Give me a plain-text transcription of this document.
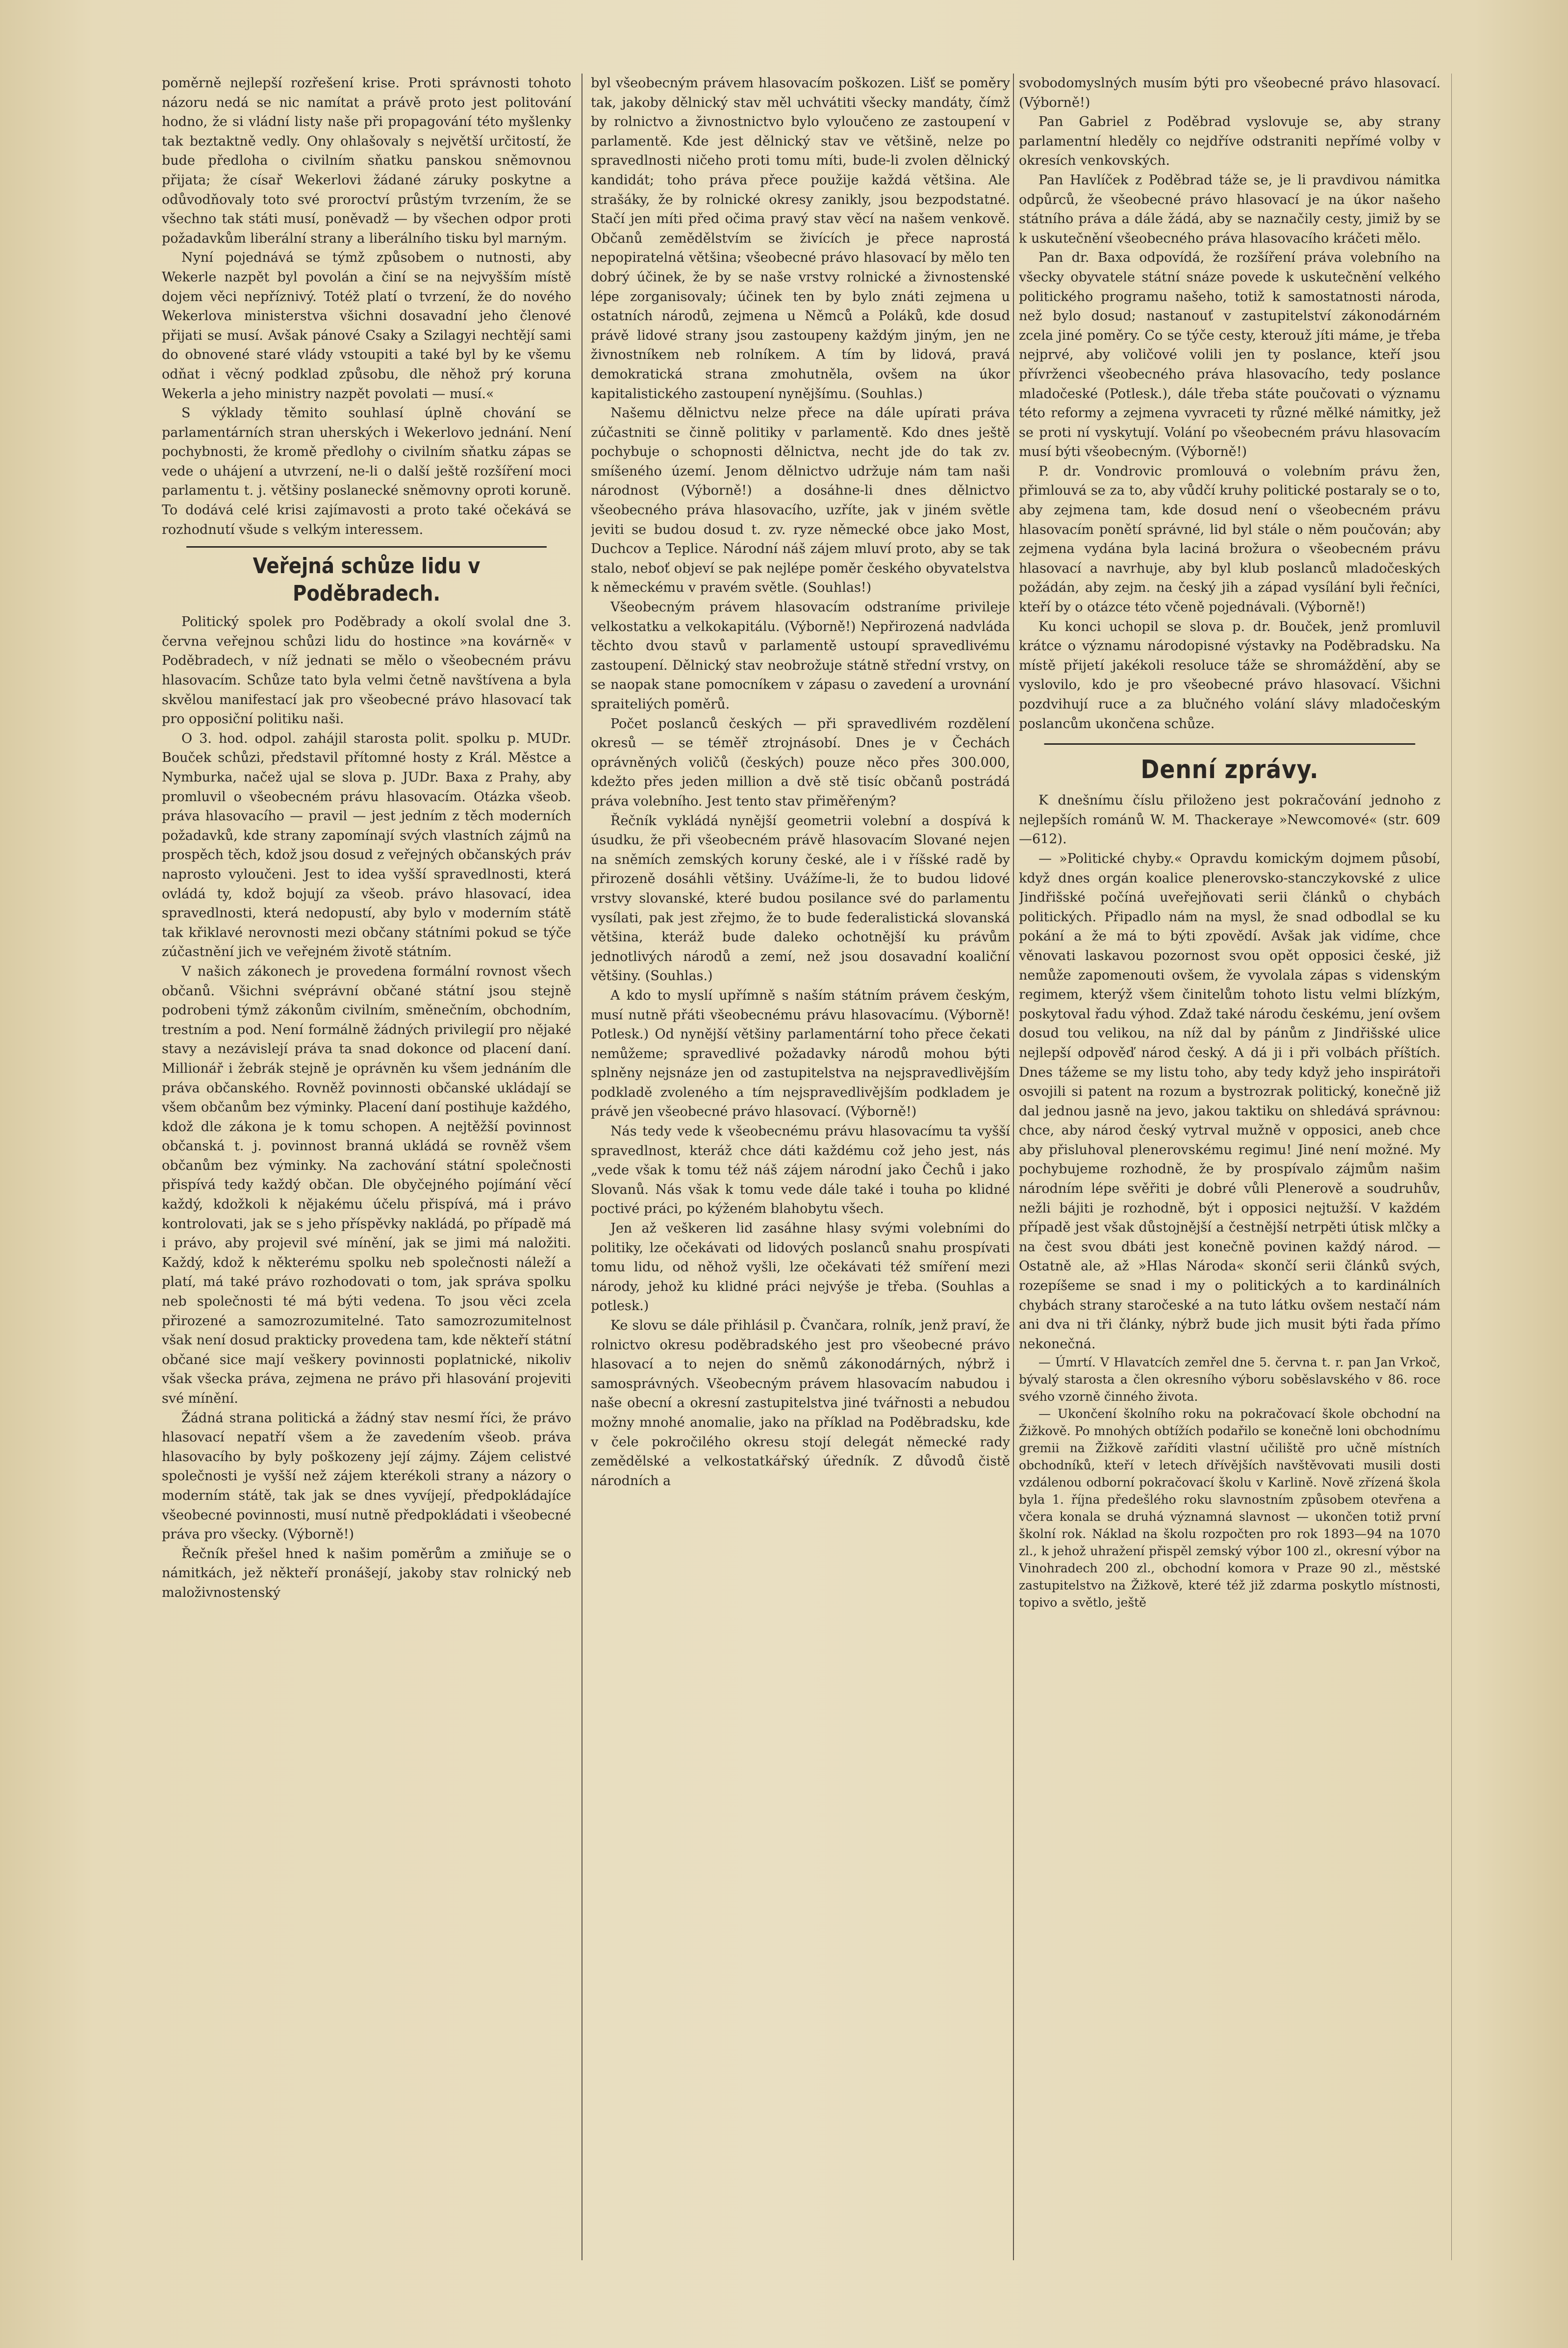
poměrně nejlepší rozřešení krise. Proti správnosti tohoto názoru nedá se nic namítat a právě proto jest politování hodno, že si vládní listy naše při propagování této myšlenky tak beztaktně vedly. Ony ohlašovaly s největší určitostí, že bude předloha o civilním sňatku panskou sněmovnou přijata; že císař Wekerlovi žádané záruky poskytne a odůvodňovaly toto své proroctví průstým tvrzením, že se všechno tak státi musí, poněvadž — by všechen odpor proti požadavkům liberální strany a liberálního tisku byl marným.

Nyní pojednává se týmž způsobem o nutnosti, aby Wekerle nazpět byl povolán a činí se na nejvyšším místě dojem věci nepříznivý. Totéž platí o tvrzení, že do nového Wekerlova ministerstva všichni dosavadní jeho členové přijati se musí. Avšak pánové Csaky a Szilagyi nechtějí sami do obnovené staré vlády vstoupiti a také byl by ke všemu odňat i věcný podklad způsobu, dle něhož prý koruna Wekerla a jeho ministry nazpět povolati — musí.«

S výklady těmito souhlasí úplně chování se parlamentárních stran uherských i Wekerlovo jednání. Není pochybnosti, že kromě předlohy o civilním sňatku zápas se vede o uhájení a utvrzení, ne-li o další ještě rozšíření moci parlamentu t. j. většiny poslanecké sněmovny oproti koruně. To dodává celé krisi zajímavosti a proto také očekává se rozhodnutí všude s velkým interessem.

Veřejná schůze lidu v Poděbradech.

Politický spolek pro Poděbrady a okolí svolal dne 3. června veřejnou schůzi lidu do hostince »na kovárně« v Poděbradech, v níž jednati se mělo o všeobecném právu hlasovacím. Schůze tato byla velmi četně navštívena a byla skvělou manifestací jak pro všeobecné právo hlasovací tak pro opposiční politiku naši.

O 3. hod. odpol. zahájil starosta polit. spolku p. MUDr. Bouček schůzi, představil přítomné hosty z Král. Městce a Nymburka, načež ujal se slova p. JUDr. Baxa z Prahy, aby promluvil o všeobecném právu hlasovacím. Otázka všeob. práva hlasovacího — pravil — jest jedním z těch moderních požadavků, kde strany zapomínají svých vlastních zájmů na prospěch těch, kdož jsou dosud z veřejných občanských práv naprosto vyloučeni. Jest to idea vyšší spravedlnosti, která ovládá ty, kdož bojují za všeob. právo hlasovací, idea spravedlnosti, která nedopustí, aby bylo v moderním státě tak křiklavé nerovnosti mezi občany státními pokud se týče zúčastnění jich ve veřejném životě státním.

V našich zákonech je provedena formální rovnost všech občanů. Všichni svéprávní občané státní jsou stejně podrobeni týmž zákonům civilním, směnečním, obchodním, trestním a pod. Není formálně žádných privilegií pro nějaké stavy a nezávislejí práva ta snad dokonce od placení daní. Millionář i žebrák stejně je oprávněn ku všem jednáním dle práva občanského. Rovněž povinnosti občanské ukládají se všem občanům bez výminky. Placení daní postihuje každého, kdož dle zákona je k tomu schopen. A nejtěžší povinnost občanská t. j. povinnost branná ukládá se rovněž všem občanům bez výminky. Na zachování státní společnosti přispívá tedy každý občan. Dle obyčejného pojímání věcí každý, kdožkoli k nějakému účelu přispívá, má i právo kontrolovati, jak se s jeho příspěvky nakládá, po případě má i právo, aby projevil své mínění, jak se jimi má naložiti. Každý, kdož k některému spolku neb společnosti náleží a platí, má také právo rozhodovati o tom, jak správa spolku neb společnosti té má býti vedena. To jsou věci zcela přirozené a samozrozumitelné. Tato samozrozumitelnost však není dosud prakticky provedena tam, kde někteří státní občané sice mají veškery povinnosti poplatnické, nikoliv však všecka práva, zejmena ne právo při hlasování projeviti své mínění.

Žádná strana politická a žádný stav nesmí říci, že právo hlasovací nepatří všem a že zavedením všeob. práva hlasovacího by byly poškozeny její zájmy. Zájem celistvé společnosti je vyšší než zájem kterékoli strany a názory o moderním státě, tak jak se dnes vyvíjejí, předpokládajíce všeobecné povinnosti, musí nutně předpokládati i všeobecné práva pro všecky. (Výborně!)

Řečník přešel hned k našim poměrům a zmiňuje se o námitkách, jež někteří pronášejí, jakoby stav rolnický neb maloživnostenský

byl všeobecným právem hlasovacím poškozen. Lišť se poměry tak, jakoby dělnický stav měl uchvátiti všecky mandáty, čímž by rolnictvo a živnostnictvo bylo vyloučeno ze zastoupení v parlamentě. Kde jest dělnický stav ve většině, nelze po spravedlnosti ničeho proti tomu míti, bude-li zvolen dělnický kandidát; toho práva přece použije každá většina. Ale strašáky, že by rolnické okresy zanikly, jsou bezpodstatné. Stačí jen míti před očima pravý stav věcí na našem venkově. Občanů zemědělstvím se živících je přece naprostá nepopiratelná většina; všeobecné právo hlasovací by mělo ten dobrý účinek, že by se naše vrstvy rolnické a živnostenské lépe zorganisovaly; účinek ten by bylo znáti zejmena u ostatních národů, zejmena u Němců a Poláků, kde dosud právě lidové strany jsou zastoupeny každým jiným, jen ne živnostníkem neb rolníkem. A tím by lidová, pravá demokratická strana zmohutněla, ovšem na úkor kapitalistického zastoupení nynějšímu. (Souhlas.)

Našemu dělnictvu nelze přece na dále upírati práva zúčastniti se činně politiky v parlamentě. Kdo dnes ještě pochybuje o schopnosti dělnictva, necht jde do tak zv. smíšeného území. Jenom dělnictvo udržuje nám tam naši národnost (Výborně!) a dosáhne-li dnes dělnictvo všeobecného práva hlasovacího, uzříte, jak v jiném světle jeviti se budou dosud t. zv. ryze německé obce jako Most, Duchcov a Teplice. Národní náš zájem mluví proto, aby se tak stalo, neboť objeví se pak nejlépe poměr českého obyvatelstva k německému v pravém světle. (Souhlas!)

Všeobecným právem hlasovacím odstraníme privileje velkostatku a velkokapitálu. (Výborně!) Nepřirozená nadvláda těchto dvou stavů v parlamentě ustoupí spravedlivému zastoupení. Dělnický stav neobrožuje státně střední vrstvy, on se naopak stane pomocníkem v zápasu o zavedení a urovnání spraiteliých poměrů.

Počet poslanců českých — při spravedlivém rozdělení okresů — se téměř ztrojnásobí. Dnes je v Čechách oprávněných voličů (českých) pouze něco přes 300.000, kdežto přes jeden million a dvě stě tisíc občanů postrádá práva volebního. Jest tento stav přiměřeným?

Řečník vykládá nynější geometrii volební a dospívá k úsudku, že při všeobecném právě hlasovacím Slované nejen na sněmích zemských koruny české, ale i v říšské radě by přirozeně dosáhli většiny. Uvážíme-li, že to budou lidové vrstvy slovanské, které budou posilance své do parlamentu vysílati, pak jest zřejmo, že to bude federalistická slovanská většina, kteráž bude daleko ochotnější ku právům jednotlivých národů a zemí, než jsou dosavadní koaliční většiny. (Souhlas.)

A kdo to myslí upřímně s naším státním právem českým, musí nutně přáti všeobecnému právu hlasovacímu. (Výborně! Potlesk.) Od nynější většiny parlamentární toho přece čekati nemůžeme; spravedlivé požadavky národů mohou býti splněny nejsnáze jen od zastupitelstva na nejspravedlivějším podkladě zvoleného a tím nejspravedlivějším podkladem je právě jen všeobecné právo hlasovací. (Výborně!)

Nás tedy vede k všeobecnému právu hlasovacímu ta vyšší spravedlnost, kteráž chce dáti každému což jeho jest, nás „vede však k tomu též náš zájem národní jako Čechů i jako Slovanů. Nás však k tomu vede dále také i touha po klidné poctivé práci, po kýženém blahobytu všech.

Jen až veškeren lid zasáhne hlasy svými volebními do politiky, lze očekávati od lidových poslanců snahu prospívati tomu lidu, od něhož vyšli, lze očekávati též smíření mezi národy, jehož ku klidné práci nejvýše je třeba. (Souhlas a potlesk.)

Ke slovu se dále přihlásil p. Čvančara, rolník, jenž praví, že rolnictvo okresu poděbradského jest pro všeobecné právo hlasovací a to nejen do sněmů zákonodárných, nýbrž i samosprávných. Všeobecným právem hlasovacím nabudou i naše obecní a okresní zastupitelstva jiné tvářnosti a nebudou možny mnohé anomalie, jako na příklad na Poděbradsku, kde v čele pokročilého okresu stojí delegát německé rady zemědělské a velkostatkářský úředník. Z důvodů čistě národních a

svobodomyslných musím býti pro všeobecné právo hlasovací. (Výborně!)

Pan Gabriel z Poděbrad vyslovuje se, aby strany parlamentní hleděly co nejdříve odstraniti nepřímé volby v okresích venkovských.

Pan Havlíček z Poděbrad táže se, je li pravdivou námitka odpůrců, že všeobecné právo hlasovací je na úkor našeho státního práva a dále žádá, aby se naznačily cesty, jimiž by se k uskutečnění všeobecného práva hlasovacího kráčeti mělo.

Pan dr. Baxa odpovídá, že rozšíření práva volebního na všecky obyvatele státní snáze povede k uskutečnění velkého politického programu našeho, totiž k samostatnosti národa, než bylo dosud; nastanouť v zastupitelství zákonodárném zcela jiné poměry. Co se týče cesty, kterouž jíti máme, je třeba nejprvé, aby voličové volili jen ty poslance, kteří jsou přívrženci všeobecného práva hlasovacího, tedy poslance mladočeské (Potlesk.), dále třeba státe poučovati o významu této reformy a zejmena vyvraceti ty různé mělké námitky, jež se proti ní vyskytují. Volání po všeobecném právu hlasovacím musí býti všeobecným. (Výborně!)

P. dr. Vondrovic promlouvá o volebním právu žen, přimlouvá se za to, aby vůdčí kruhy politické postaraly se o to, aby zejmena tam, kde dosud není o všeobecném právu hlasovacím ponětí správné, lid byl stále o něm poučován; aby zejmena vydána byla laciná brožura o všeobecném právu hlasovací a navrhuje, aby byl klub poslanců mladočeských požádán, aby zejm. na český jih a západ vysílání byli řečníci, kteří by o otázce této včeně pojednávali. (Výborně!)

Ku konci uchopil se slova p. dr. Bouček, jenž promluvil krátce o významu národopisné výstavky na Poděbradsku. Na místě přijetí jakékoli resoluce táže se shromáždění, aby se vyslovilo, kdo je pro všeobecné právo hlasovací. Všichni pozdvihují ruce a za blučného volání slávy mladočeským poslancům ukončena schůze.

Denní zprávy.

K dnešnímu číslu přiloženo jest pokračování jednoho z nejlepších románů W. M. Thackeraye »Newcomové« (str. 609—612).

— »Politické chyby.« Opravdu komickým dojmem působí, když dnes orgán koalice plenerovsko-stanczykovské z ulice Jindřišské počíná uveřejňovati serii článků o chybách politických. Připadlo nám na mysl, že snad odbodlal se ku pokání a že má to býti zpovědí. Avšak jak vidíme, chce věnovati laskavou pozornost svou opět opposici české, již nemůže zapomenouti ovšem, že vyvolala zápas s videnským regimem, kterýž všem činitelům tohoto listu velmi blízkým, poskytoval řadu výhod. Zdaž také národu českému, jení ovšem dosud tou velikou, na níž dal by pánům z Jindřišské ulice nejlepší odpověď národ český. A dá ji i při volbách příštích. Dnes tážeme se my listu toho, aby tedy když jeho inspirátoři osvojili si patent na rozum a bystrozrak politický, konečně již dal jednou jasně na jevo, jakou taktiku on shledává správnou: chce, aby národ český vytrval mužně v opposici, aneb chce aby přisluhoval plenerovskému regimu! Jiné není možné. My pochybujeme rozhodně, že by prospívalo zájmům našim národním lépe svěřiti je dobré vůli Plenerově a soudruhův, nežli bájiti je rozhodně, být i opposici nejtužší. V každém případě jest však důstojnější a čestnější netrpěti útisk mlčky a na čest svou dbáti jest konečně povinen každý národ. — Ostatně ale, až »Hlas Národa« skončí serii článků svých, rozepíšeme se snad i my o politických a to kardinálních chybách strany staročeské a na tuto látku ovšem nestačí nám ani dva ni tři články, nýbrž bude jich musit býti řada přímo nekonečná.

— Úmrtí. V Hlavatcích zemřel dne 5. června t. r. pan Jan Vrkoč, bývalý starosta a člen okresního výboru soběslavského v 86. roce svého vzorně činného života.

— Ukončení školního roku na pokračovací škole obchodní na Žižkově. Po mnohých obtížích podařilo se konečně loni obchodnímu gremii na Žižkově zaříditi vlastní učiliště pro učně místních obchodníků, kteří v letech dřívějších navštěvovati musili dosti vzdálenou odborní pokračovací školu v Karlině. Nově zřízená škola byla 1. října předešlého roku slavnostním způsobem otevřena a včera konala se druhá významná slavnost — ukončen totiž první školní rok. Náklad na školu rozpočten pro rok 1893—94 na 1070 zl., k jehož uhražení přispěl zemský výbor 100 zl., okresní výbor na Vinohradech 200 zl., obchodní komora v Praze 90 zl., městské zastupitelstvo na Žižkově, které též již zdarma poskytlo místnosti, topivo a světlo, ještě
